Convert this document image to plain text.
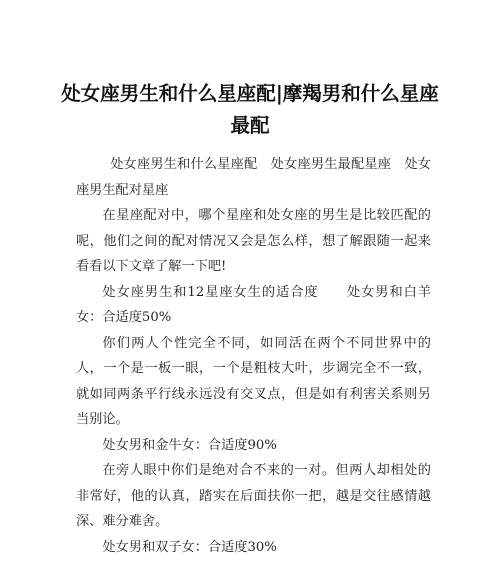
处女座男生和什么星座配|摩羯男和什么星座最配

处女座男生和什么星座配　处女座男生最配星座　处女座男生配对星座

在星座配对中，哪个星座和处女座的男生是比较匹配的呢，他们之间的配对情况又会是怎么样，想了解跟随一起来看看以下文章了解一下吧!

处女座男生和12星座女生的适合度　　处女男和白羊女：合适度50%

你们两人个性完全不同，如同活在两个不同世界中的人，一个是一板一眼，一个是粗枝大叶，步调完全不一致，就如同两条平行线永远没有交叉点，但是如有利害关系则另当别论。

处女男和金牛女：合适度90%

在旁人眼中你们是绝对合不来的一对。但两人却相处的非常好，他的认真，踏实在后面扶你一把，越是交往感情越深、难分难舍。

处女男和双子女：合适度30%
